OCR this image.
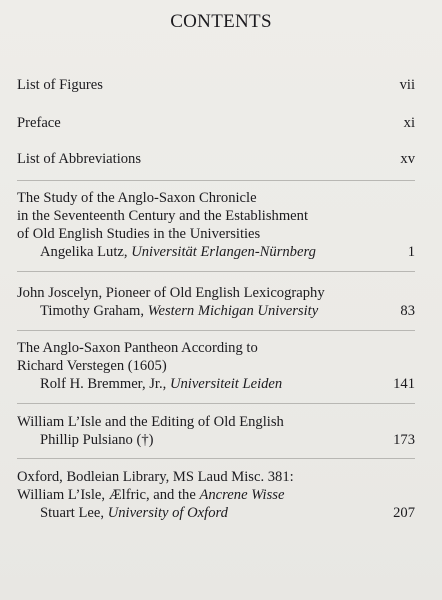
CONTENTS
List of Figures	vii
Preface	xi
List of Abbreviations	xv
The Study of the Anglo-Saxon Chronicle
in the Seventeenth Century and the Establishment
of Old English Studies in the Universities
Angelika Lutz, Universität Erlangen-Nürnberg	1
John Joscelyn, Pioneer of Old English Lexicography
Timothy Graham, Western Michigan University	83
The Anglo-Saxon Pantheon According to
Richard Verstegen (1605)
Rolf H. Bremmer, Jr., Universiteit Leiden	141
William L’Isle and the Editing of Old English
Phillip Pulsiano (†)	173
Oxford, Bodleian Library, MS Laud Misc. 381:
William L’Isle, Ælfric, and the Ancrene Wisse
Stuart Lee, University of Oxford	207
